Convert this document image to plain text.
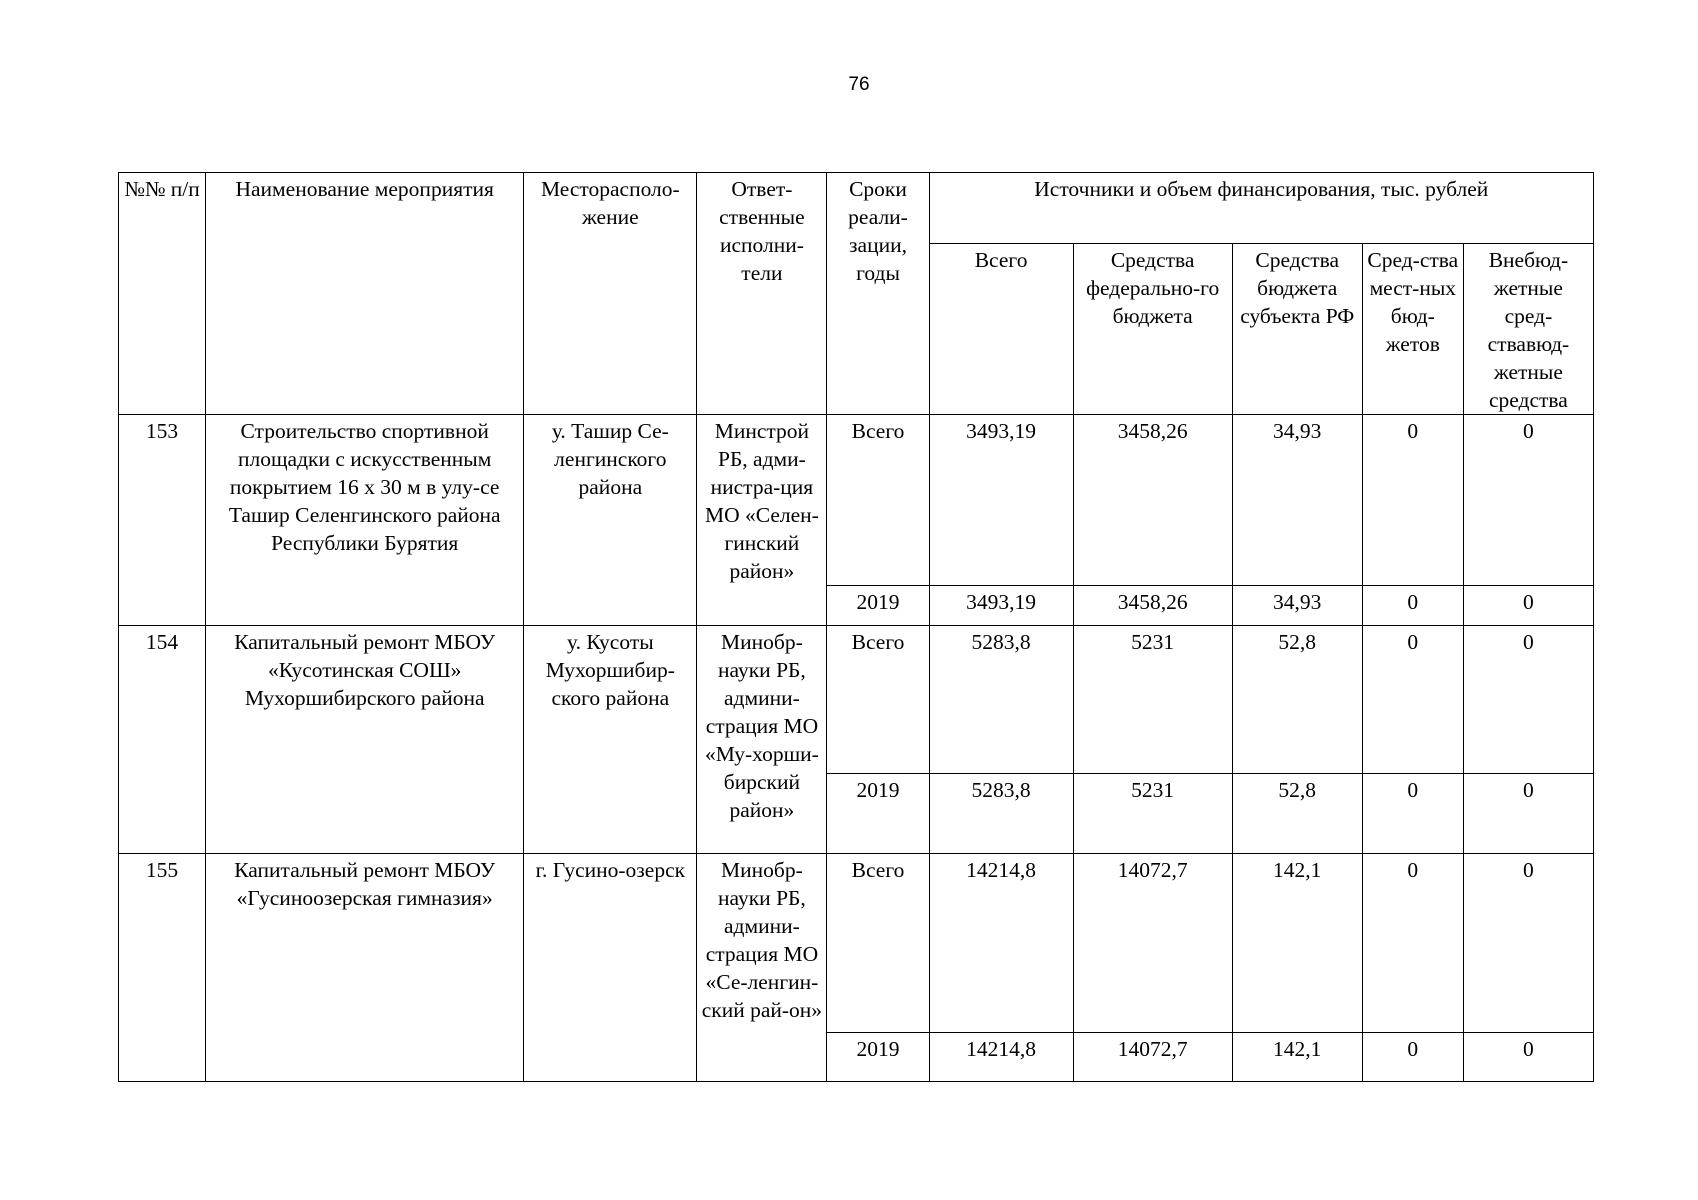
76
№№ п/п	Наименование мероприятия	Месторасполо-жение	Ответ-ственные исполни-тели	Сроки реали-зации, годы	Источники и объем финансирования, тыс. рублей				
					Всего	Средства федерально-го бюджета	Средства бюджета субъекта РФ	Сред-ства мест-ных бюд-жетов	Внебюд-жетные сред-ствавюд-жетные средства
153	Строительство спортивной площадки с искусственным покрытием 16 х 30 м в улу-се Ташир Селенгинского района Республики Бурятия	у. Ташир Се-ленгинского района	Минстрой РБ, адми-нистра-ция МО «Селен-гинский район»	Всего	3493,19	3458,26	34,93	0	0
				2019	3493,19	3458,26	34,93	0	0
154	Капитальный ремонт МБОУ «Кусотинская СОШ» Мухоршибирского района	у. Кусоты Мухоршибир-ского района	Минобр-науки РБ, админи-страция МО «Му-хорши-бирский район»	Всего	5283,8	5231	52,8	0	0
				2019	5283,8	5231	52,8	0	0
155	Капитальный ремонт МБОУ «Гусиноозерская гимназия»	г. Гусино-озерск	Минобр-науки РБ, админи-страция МО «Се-ленгин-ский рай-он»	Всего	14214,8	14072,7	142,1	0	0
				2019	14214,8	14072,7	142,1	0	0
